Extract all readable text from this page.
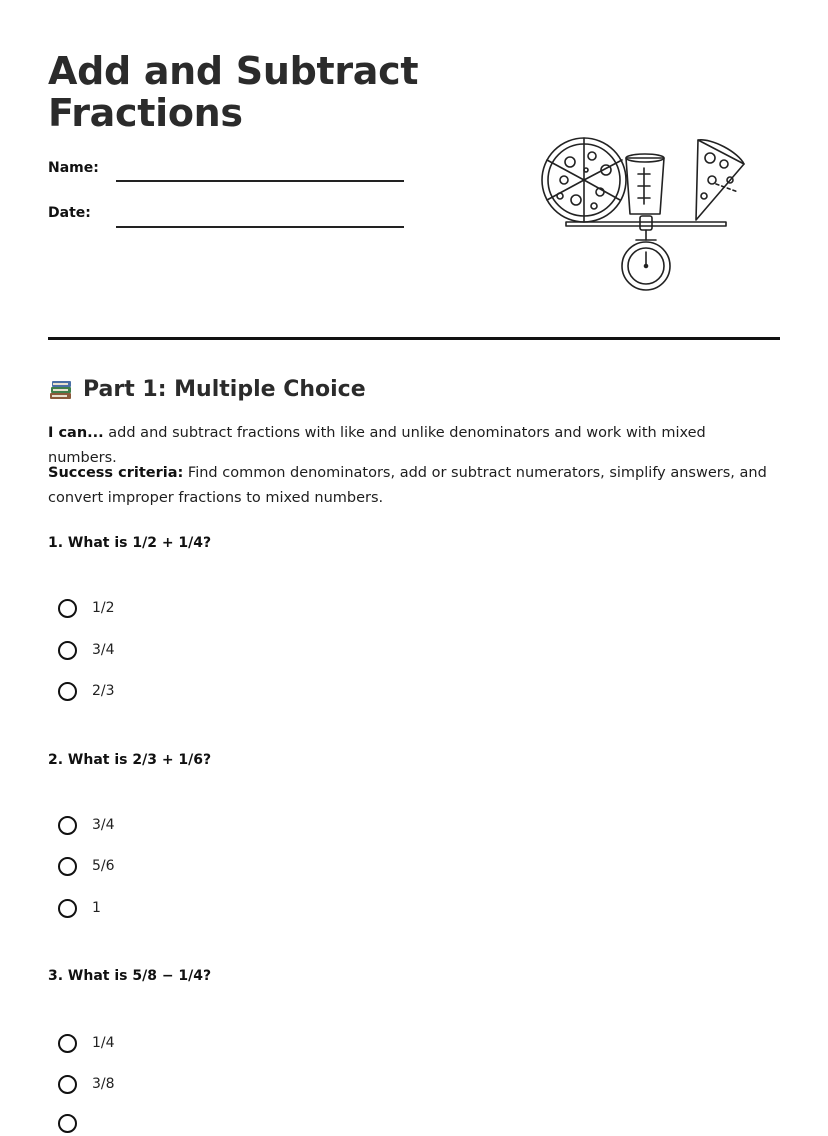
Add and Subtract
Fractions
Name:
Date:
Part 1: Multiple Choice
I can... add and subtract fractions with like and unlike denominators and work with mixed numbers.
Success criteria: Find common denominators, add or subtract numerators, simplify answers, and convert improper fractions to mixed numbers.
1. What is 1/2 + 1/4?
1/2
3/4
2/3
2. What is 2/3 + 1/6?
3/4
5/6
1
3. What is 5/8 − 1/4?
1/4
3/8
